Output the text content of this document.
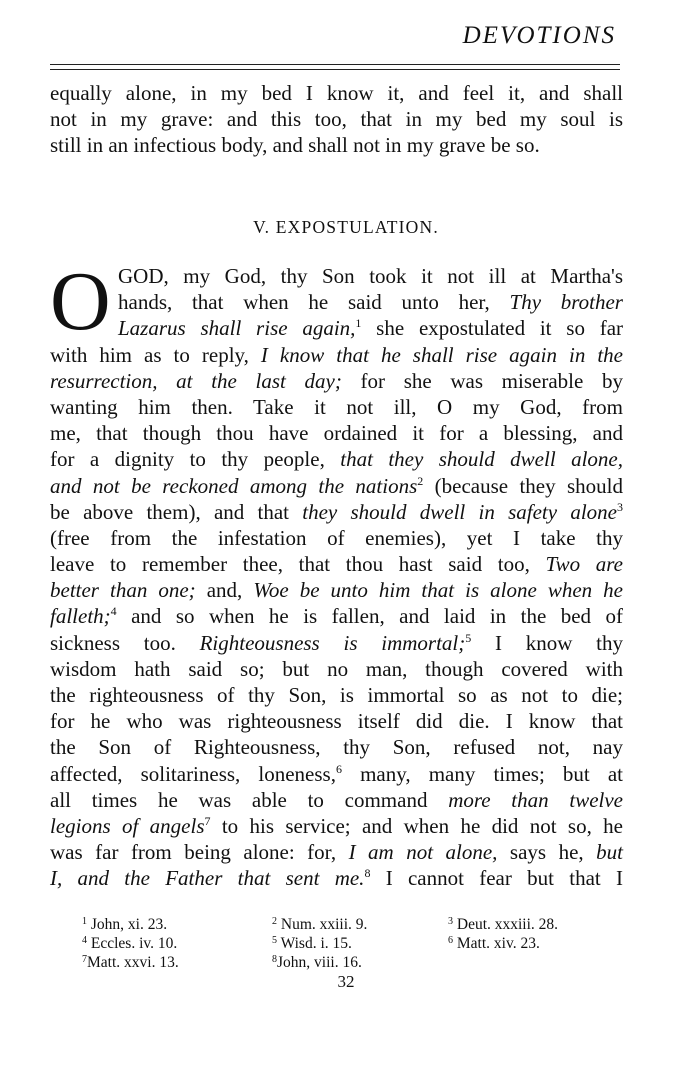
DEVOTIONS
equally alone, in my bed I know it, and feel it, and shall
not in my grave: and this too, that in my bed my soul is
still in an infectious body, and shall not in my grave be so.
V. EXPOSTULATION.
O GOD, my God, thy Son took it not ill at Martha's
hands, that when he said unto her, Thy brother
Lazarus shall rise again,$^1$ she expostulated it so far
with him as to reply, I know that he shall rise again in the
resurrection, at the last day; for she was miserable by
wanting him then. Take it not ill, O my God, from
me, that though thou have ordained it for a blessing, and
for a dignity to thy people, that they should dwell alone,
and not be reckoned among the nations$^2$ (because they should
be above them), and that they should dwell in safety alone$^3$
(free from the infestation of enemies), yet I take thy
leave to remember thee, that thou hast said too, Two are
better than one; and, Woe be unto him that is alone when he
falleth;$^4$ and so when he is fallen, and laid in the bed of
sickness too. Righteousness is immortal;$^5$ I know thy
wisdom hath said so; but no man, though covered with
the righteousness of thy Son, is immortal so as not to die;
for he who was righteousness itself did die. I know that
the Son of Righteousness, thy Son, refused not, nay
affected, solitariness, loneness,$^6$ many, many times; but at
all times he was able to command more than twelve
legions of angels$^7$ to his service; and when he did not so, he
was far from being alone: for, I am not alone, says he, but
I, and the Father that sent me.$^8$ I cannot fear but that I
$^1$ John, xi. 23.	$^2$ Num. xxiii. 9.	$^3$ Deut. xxxiii. 28.
$^4$ Eccles. iv. 10.	$^5$ Wisd. i. 15.	$^6$ Matt. xiv. 23.
$^7$Matt. xxvi. 13.	$^8$John, viii. 16.
32
